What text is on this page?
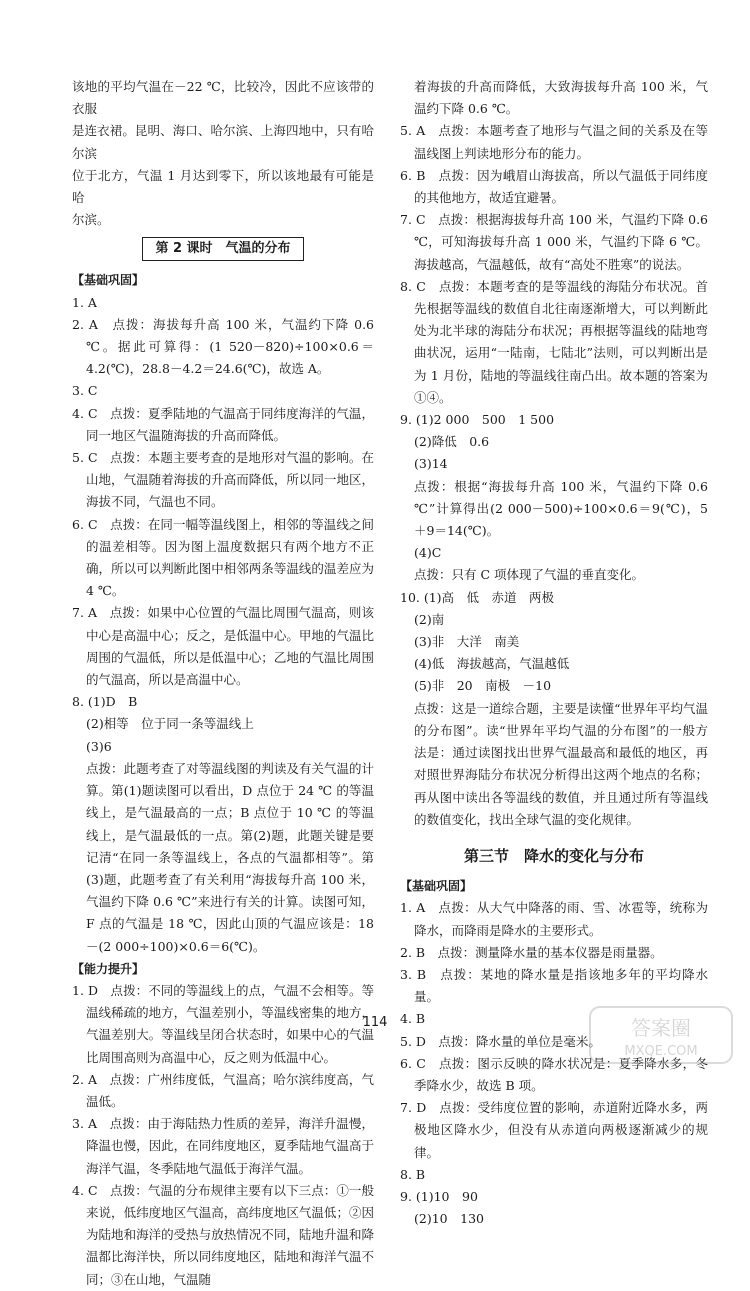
该地的平均气温在－22 ℃，比较冷，因此不应该带的衣服

是连衣裙。昆明、海口、哈尔滨、上海四地中，只有哈尔滨

位于北方，气温 1 月达到零下，所以该地最有可能是哈

尔滨。

第 2 课时　气温的分布

【基础巩固】

1. A

2. A　点拨：海拔每升高 100 米，气温约下降 0.6 ℃。据此可算得：(1 520－820)÷100×0.6＝4.2(℃)，28.8－4.2＝24.6(℃)，故选 A。

3. C

4. C　点拨：夏季陆地的气温高于同纬度海洋的气温，同一地区气温随海拔的升高而降低。

5. C　点拨：本题主要考查的是地形对气温的影响。在山地，气温随着海拔的升高而降低，所以同一地区，海拔不同，气温也不同。

6. C　点拨：在同一幅等温线图上，相邻的等温线之间的温差相等。因为图上温度数据只有两个地方不正确，所以可以判断此图中相邻两条等温线的温差应为 4 ℃。

7. A　点拨：如果中心位置的气温比周围气温高，则该中心是高温中心；反之，是低温中心。甲地的气温比周围的气温低，所以是低温中心；乙地的气温比周围的气温高，所以是高温中心。

8. (1)D　B

(2)相等　位于同一条等温线上

(3)6

点拨：此题考查了对等温线图的判读及有关气温的计算。第(1)题读图可以看出，D 点位于 24 ℃ 的等温线上，是气温最高的一点；B 点位于 10 ℃ 的等温线上，是气温最低的一点。第(2)题，此题关键是要记清“在同一条等温线上，各点的气温都相等”。第(3)题，此题考查了有关利用“海拔每升高 100 米，气温约下降 0.6 ℃”来进行有关的计算。读图可知，F 点的气温是 18 ℃，因此山顶的气温应该是：18－(2 000÷100)×0.6＝6(℃)。

【能力提升】

1. D　点拨：不同的等温线上的点，气温不会相等。等温线稀疏的地方，气温差别小，等温线密集的地方，气温差别大。等温线呈闭合状态时，如果中心的气温比周围高则为高温中心，反之则为低温中心。

2. A　点拨：广州纬度低，气温高；哈尔滨纬度高，气温低。

3. A　点拨：由于海陆热力性质的差异，海洋升温慢，降温也慢，因此，在同纬度地区，夏季陆地气温高于海洋气温，冬季陆地气温低于海洋气温。

4. C　点拨：气温的分布规律主要有以下三点：①一般来说，低纬度地区气温高，高纬度地区气温低；②因为陆地和海洋的受热与放热情况不同，陆地升温和降温都比海洋快，所以同纬度地区，陆地和海洋气温不同；③在山地，气温随

着海拔的升高而降低，大致海拔每升高 100 米，气温约下降 0.6 ℃。

5. A　点拨：本题考查了地形与气温之间的关系及在等温线图上判读地形分布的能力。

6. B　点拨：因为峨眉山海拔高，所以气温低于同纬度的其他地方，故适宜避暑。

7. C　点拨：根据海拔每升高 100 米，气温约下降 0.6 ℃，可知海拔每升高 1 000 米，气温约下降 6 ℃。海拔越高，气温越低，故有“高处不胜寒”的说法。

8. C　点拨：本题考查的是等温线的海陆分布状况。首先根据等温线的数值自北往南逐渐增大，可以判断此处为北半球的海陆分布状况；再根据等温线的陆地弯曲状况，运用“一陆南，七陆北”法则，可以判断出是为 1 月份，陆地的等温线往南凸出。故本题的答案为①④。

9. (1)2 000　500　1 500

(2)降低　0.6

(3)14

点拨：根据“海拔每升高 100 米，气温约下降 0.6 ℃”计算得出(2 000－500)÷100×0.6＝9(℃)，5＋9＝14(℃)。

(4)C

点拨：只有 C 项体现了气温的垂直变化。

10. (1)高　低　赤道　两极

(2)南

(3)非　大洋　南美

(4)低　海拔越高，气温越低

(5)非　20　南极　－10

点拨：这是一道综合题，主要是读懂“世界年平均气温的分布图”。读“世界年平均气温的分布图”的一般方法是：通过读图找出世界气温最高和最低的地区，再对照世界海陆分布状况分析得出这两个地点的名称；再从图中读出各等温线的数值，并且通过所有等温线的数值变化，找出全球气温的变化规律。

第三节　降水的变化与分布

【基础巩固】

1. A　点拨：从大气中降落的雨、雪、冰雹等，统称为降水，而降雨是降水的主要形式。

2. B　点拨：测量降水量的基本仪器是雨量器。

3. B　点拨：某地的降水量是指该地多年的平均降水量。

4. B

5. D　点拨：降水量的单位是毫米。

6. C　点拨：图示反映的降水状况是：夏季降水多，冬季降水少，故选 B 项。

7. D　点拨：受纬度位置的影响，赤道附近降水多，两极地区降水少，但没有从赤道向两极逐渐减少的规律。

8. B

9. (1)10　90

(2)10　130

114	答案圈
MXQE.COM
